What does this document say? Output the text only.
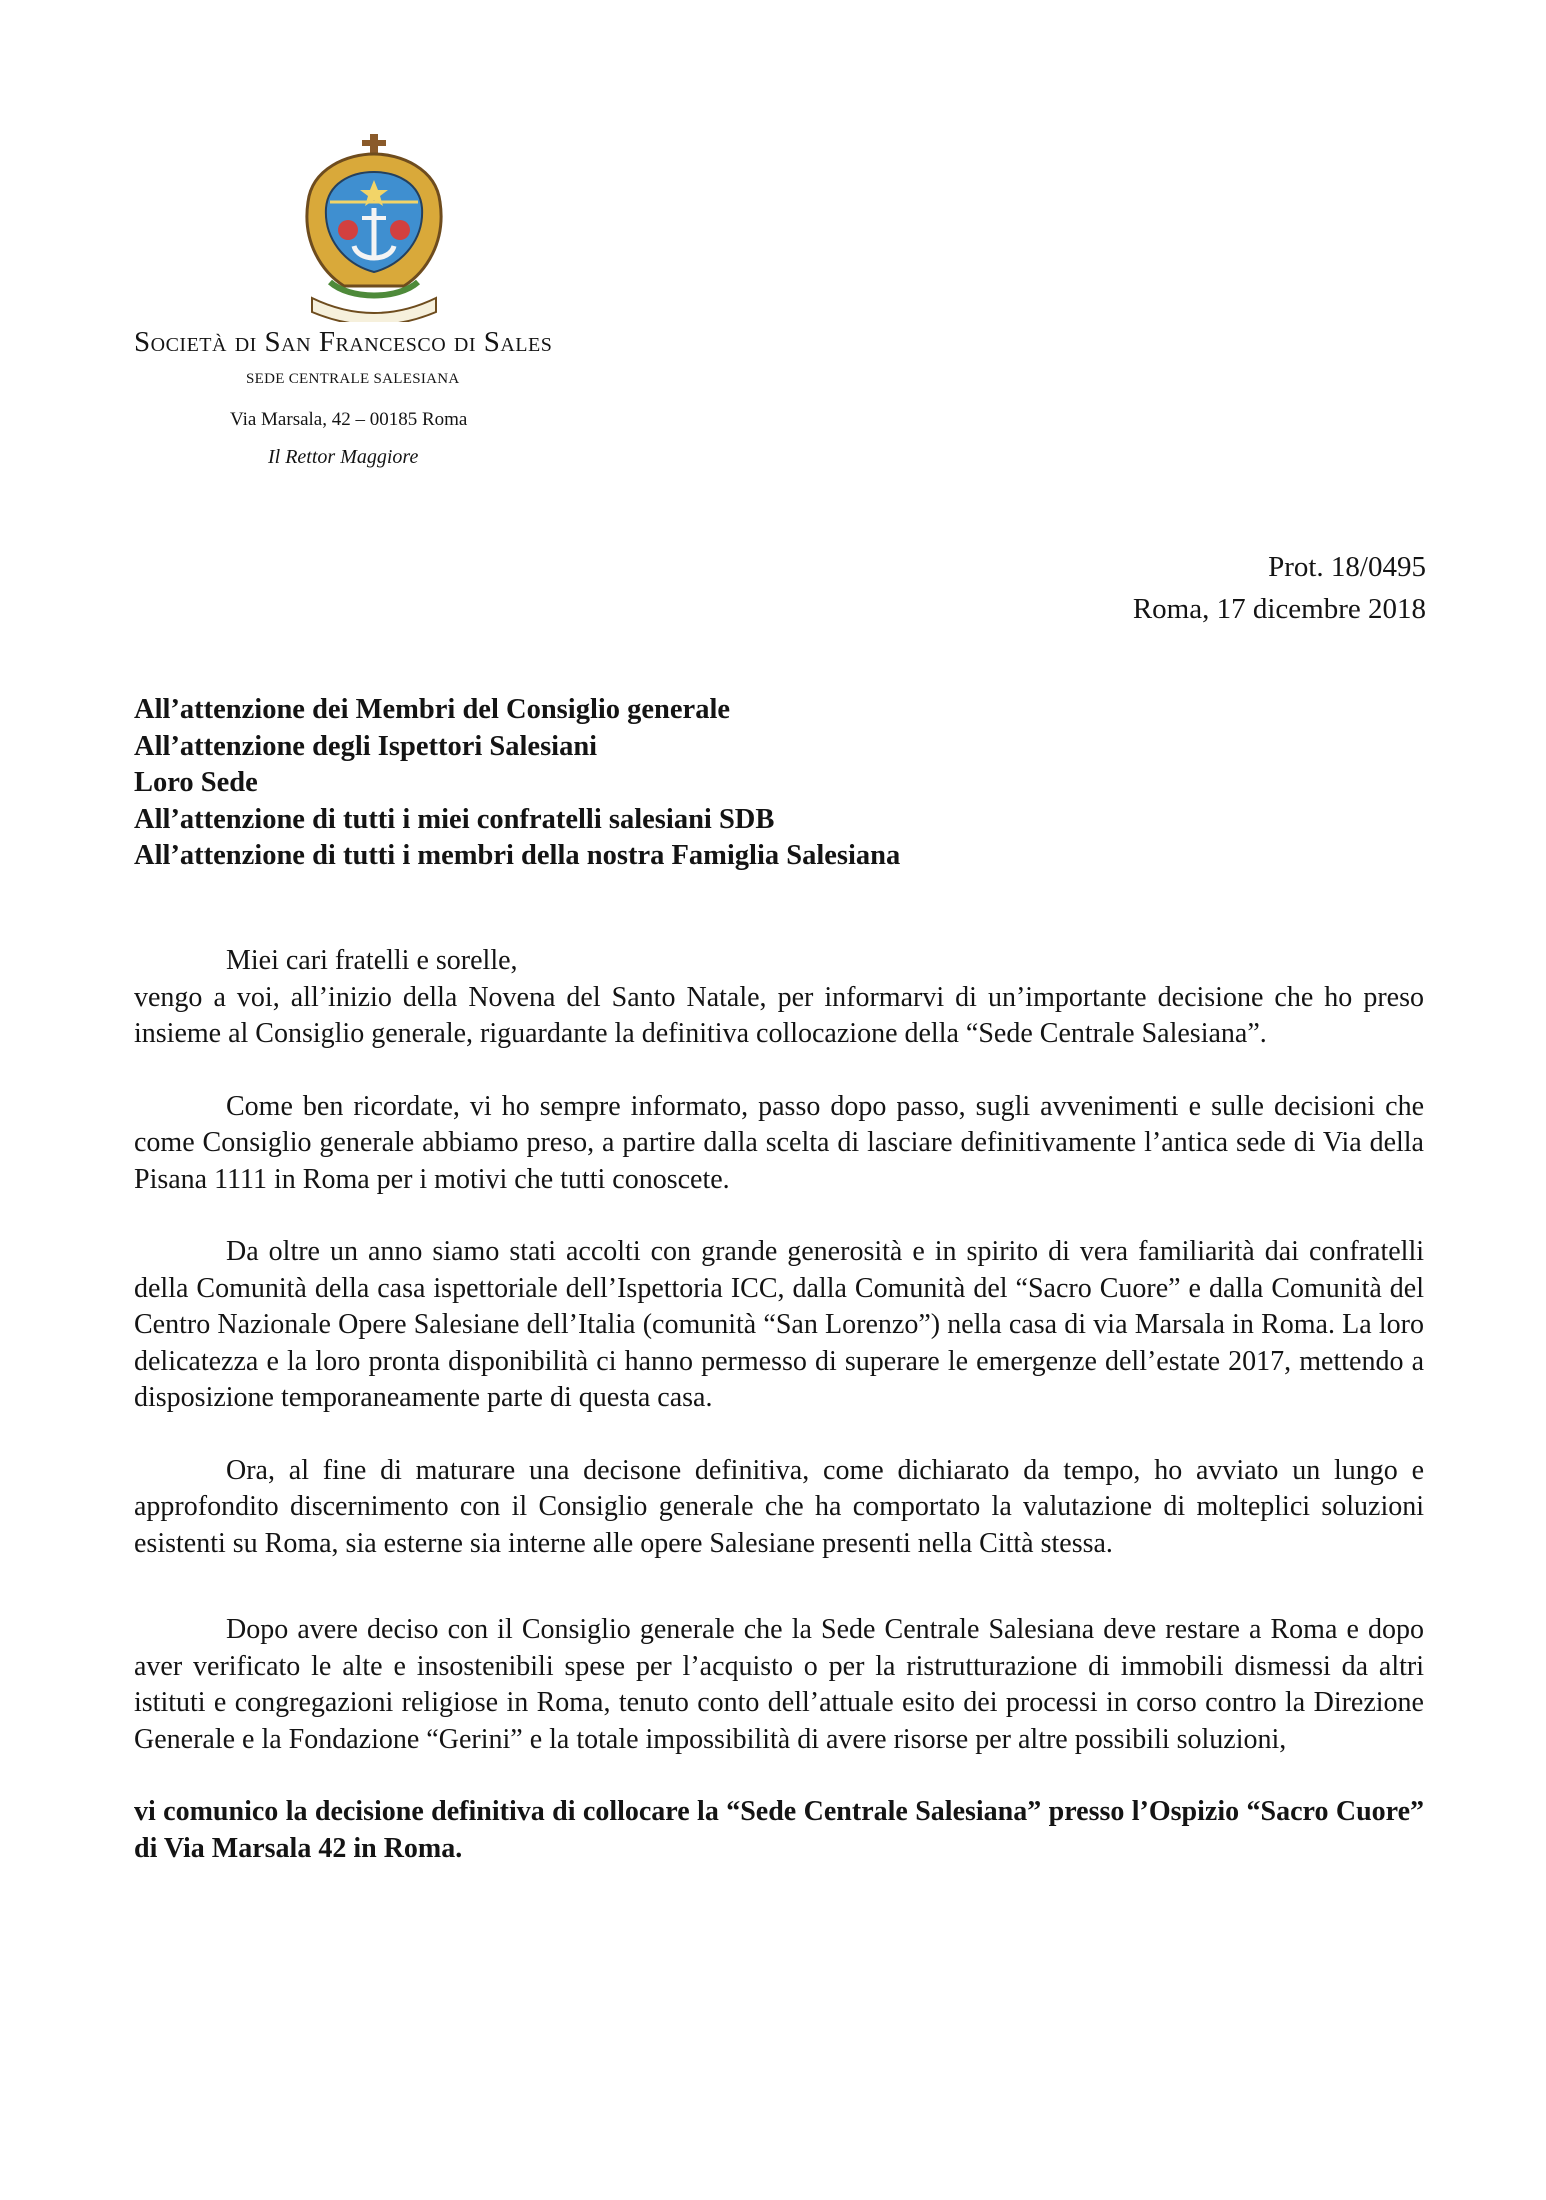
Società di San Francesco di Sales
SEDE CENTRALE SALESIANA
Via Marsala, 42 – 00185 Roma
Il Rettor Maggiore
Prot. 18/0495
Roma, 17 dicembre 2018
All’attenzione dei Membri del Consiglio generale
All’attenzione degli Ispettori Salesiani
Loro Sede
All’attenzione di tutti i miei confratelli salesiani SDB
All’attenzione di tutti i membri della nostra Famiglia Salesiana

Miei cari fratelli e sorelle,

vengo a voi, all’inizio della Novena del Santo Natale, per informarvi di un’importante decisione che ho preso insieme al Consiglio generale, riguardante la definitiva collocazione della “Sede Centrale Salesiana”.

Come ben ricordate, vi ho sempre informato, passo dopo passo, sugli avvenimenti e sulle decisioni che come Consiglio generale abbiamo preso, a partire dalla scelta di lasciare definitivamente l’antica sede di Via della Pisana 1111 in Roma per i motivi che tutti conoscete.

Da oltre un anno siamo stati accolti con grande generosità e in spirito di vera familiarità dai confratelli della Comunità della casa ispettoriale dell’Ispettoria ICC, dalla Comunità del “Sacro Cuore” e dalla Comunità del Centro Nazionale Opere Salesiane dell’Italia (comunità “San Lorenzo”) nella casa di via Marsala in Roma. La loro delicatezza e la loro pronta disponibilità ci hanno permesso di superare le emergenze dell’estate 2017, mettendo a disposizione temporaneamente parte di questa casa.

Ora, al fine di maturare una decisone definitiva, come dichiarato da tempo, ho avviato un lungo e approfondito discernimento con il Consiglio generale che ha comportato la valutazione di molteplici soluzioni esistenti su Roma, sia esterne sia interne alle opere Salesiane presenti nella Città stessa.

Dopo avere deciso con il Consiglio generale che la Sede Centrale Salesiana deve restare a Roma e dopo aver verificato le alte e insostenibili spese per l’acquisto o per la ristrutturazione di immobili dismessi da altri istituti e congregazioni religiose in Roma, tenuto conto dell’attuale esito dei processi in corso contro la Direzione Generale e la Fondazione “Gerini” e la totale impossibilità di avere risorse per altre possibili soluzioni,

vi comunico la decisione definitiva di collocare la “Sede Centrale Salesiana” presso l’Ospizio “Sacro Cuore” di Via Marsala 42 in Roma.
